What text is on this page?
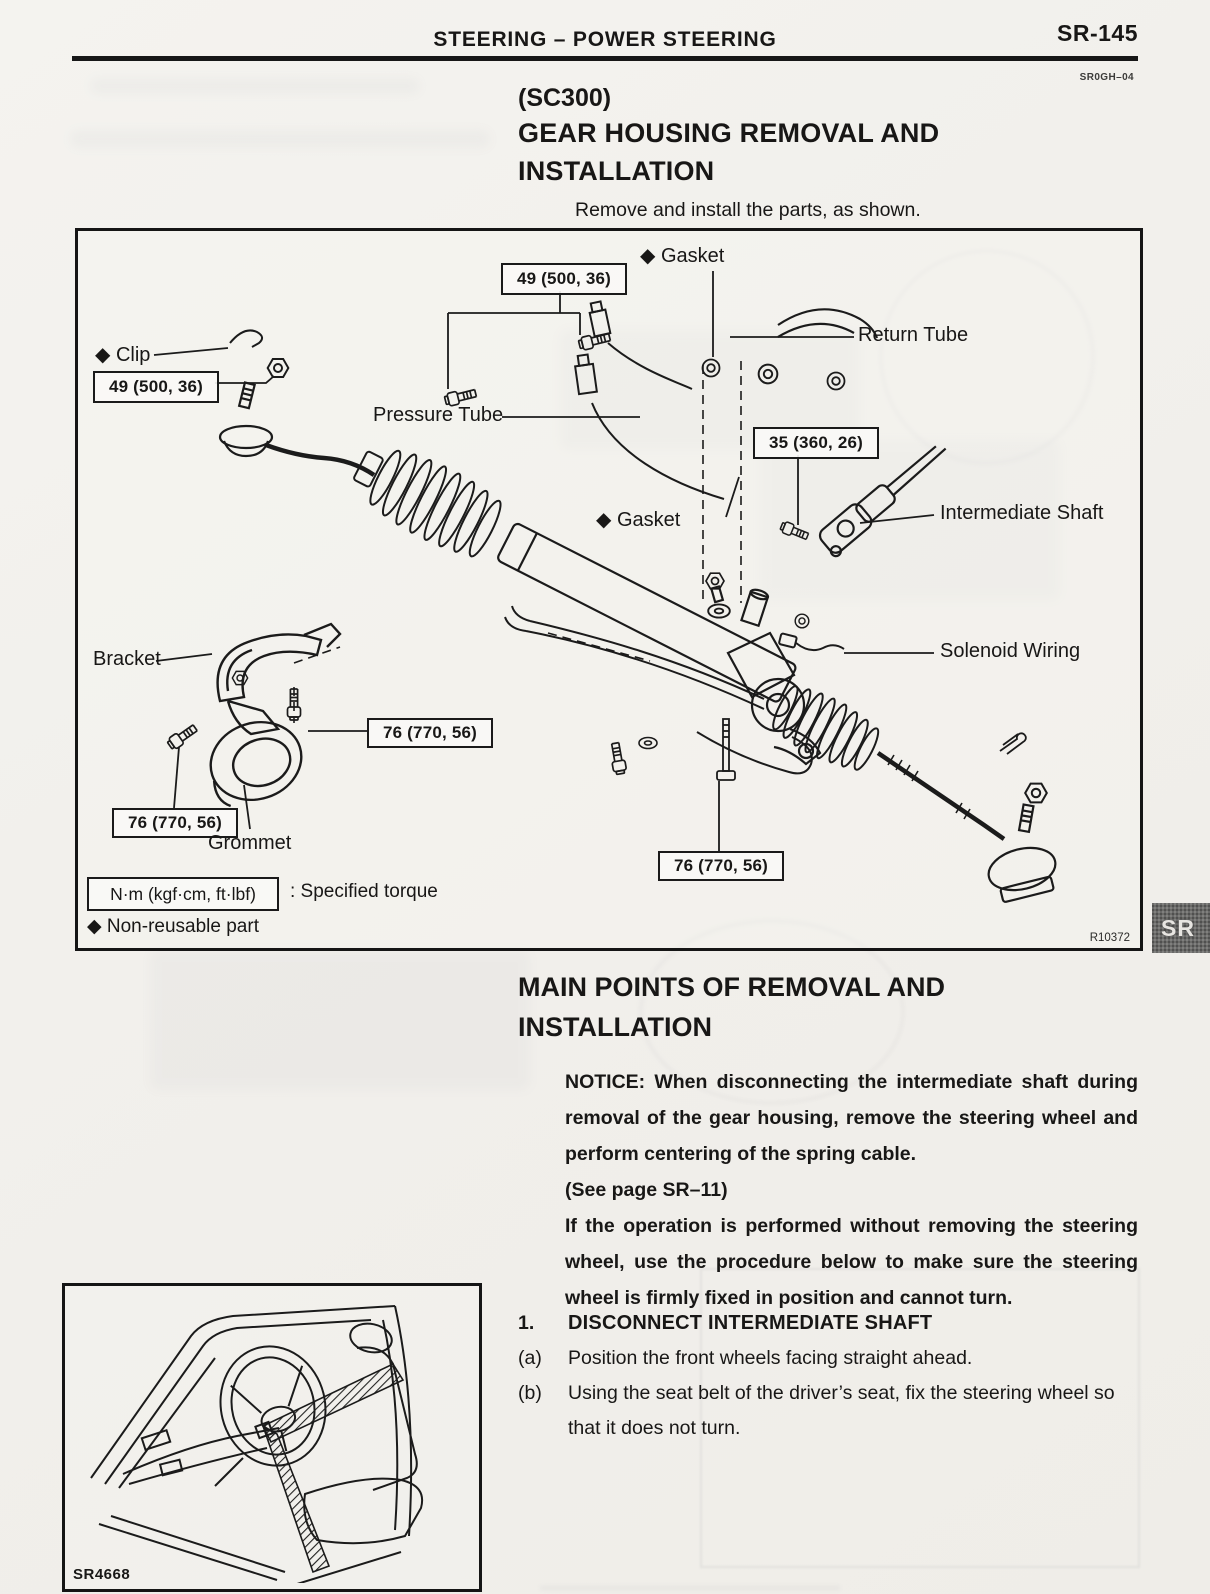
STEERING – POWER STEERING	SR-145
SR0GH–04
(SC300)
GEAR HOUSING REMOVAL AND
INSTALLATION
Remove and install the parts, as shown.
49 (500, 36)
49 (500, 36)
35 (360, 26)
76 (770, 56)
76 (770, 56)
76 (770, 56)
◆ Gasket
Return Tube
◆ Clip
Pressure Tube
Intermediate Shaft
◆ Gasket
Solenoid Wiring
Bracket
Grommet
N·m (kgf·cm, ft·lbf)	: Specified torque
◆ Non-reusable part
R10372	SR
MAIN POINTS OF REMOVAL AND
INSTALLATION

NOTICE: When disconnecting the intermediate shaft during removal of the gear housing, remove the steering wheel and perform centering of the spring cable.

(See page SR–11)

If the operation is performed without removing the steering wheel, use the procedure below to make sure the steering wheel is firmly fixed in position and cannot turn.

1.	DISCONNECT INTERMEDIATE SHAFT
(a)	Position the front wheels facing straight ahead.
(b)	Using the seat belt of the driver’s seat, fix the steering wheel so that it does not turn.
SR4668
